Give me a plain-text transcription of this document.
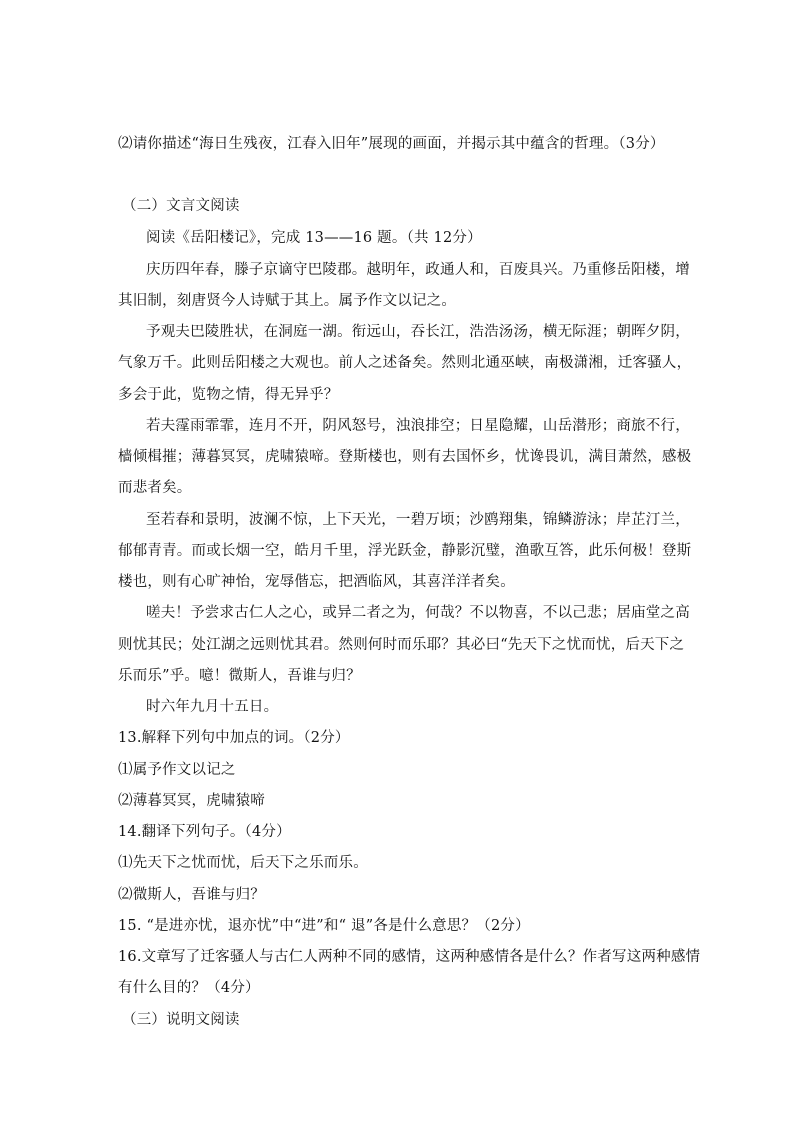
⑵请你描述“海日生残夜，江春入旧年”展现的画面，并揭示其中蕴含的哲理。（3分）
（二）文言文阅读
阅读《岳阳楼记》，完成 13——16 题。（共 12分）
庆历四年春，滕子京谪守巴陵郡。越明年，政通人和，百废具兴。乃重修岳阳楼，增
其旧制，刻唐贤今人诗赋于其上。属予作文以记之。
予观夫巴陵胜状，在洞庭一湖。衔远山，吞长江，浩浩汤汤，横无际涯；朝晖夕阴，
气象万千。此则岳阳楼之大观也。前人之述备矣。然则北通巫峡，南极潇湘，迁客骚人，
多会于此，览物之情，得无异乎？
若夫霪雨霏霏，连月不开，阴风怒号，浊浪排空；日星隐耀，山岳潜形；商旅不行，
樯倾楫摧；薄暮冥冥，虎啸猿啼。登斯楼也，则有去国怀乡，忧谗畏讥，满目萧然，感极
而悲者矣。
至若春和景明，波澜不惊，上下天光，一碧万顷；沙鸥翔集，锦鳞游泳；岸芷汀兰，
郁郁青青。而或长烟一空，皓月千里，浮光跃金，静影沉璧，渔歌互答，此乐何极！登斯
楼也，则有心旷神怡，宠辱偕忘，把酒临风，其喜洋洋者矣。
嗟夫！予尝求古仁人之心，或异二者之为，何哉？不以物喜，不以己悲；居庙堂之高
则忧其民；处江湖之远则忧其君。然则何时而乐耶？其必曰“先天下之忧而忧，后天下之
乐而乐”乎。噫！微斯人，吾谁与归？
时六年九月十五日。
13.解释下列句中加点的词。（2分）
⑴属予作文以记之
⑵薄暮冥冥，虎啸猿啼
14.翻译下列句子。（4分）
⑴先天下之忧而忧，后天下之乐而乐。
⑵微斯人，吾谁与归？
15. “是进亦忧，退亦忧”中“进”和“ 退”各是什么意思？（2分）
16.文章写了迁客骚人与古仁人两种不同的感情，这两种感情各是什么？作者写这两种感情
有什么目的？（4分）
（三）说明文阅读
